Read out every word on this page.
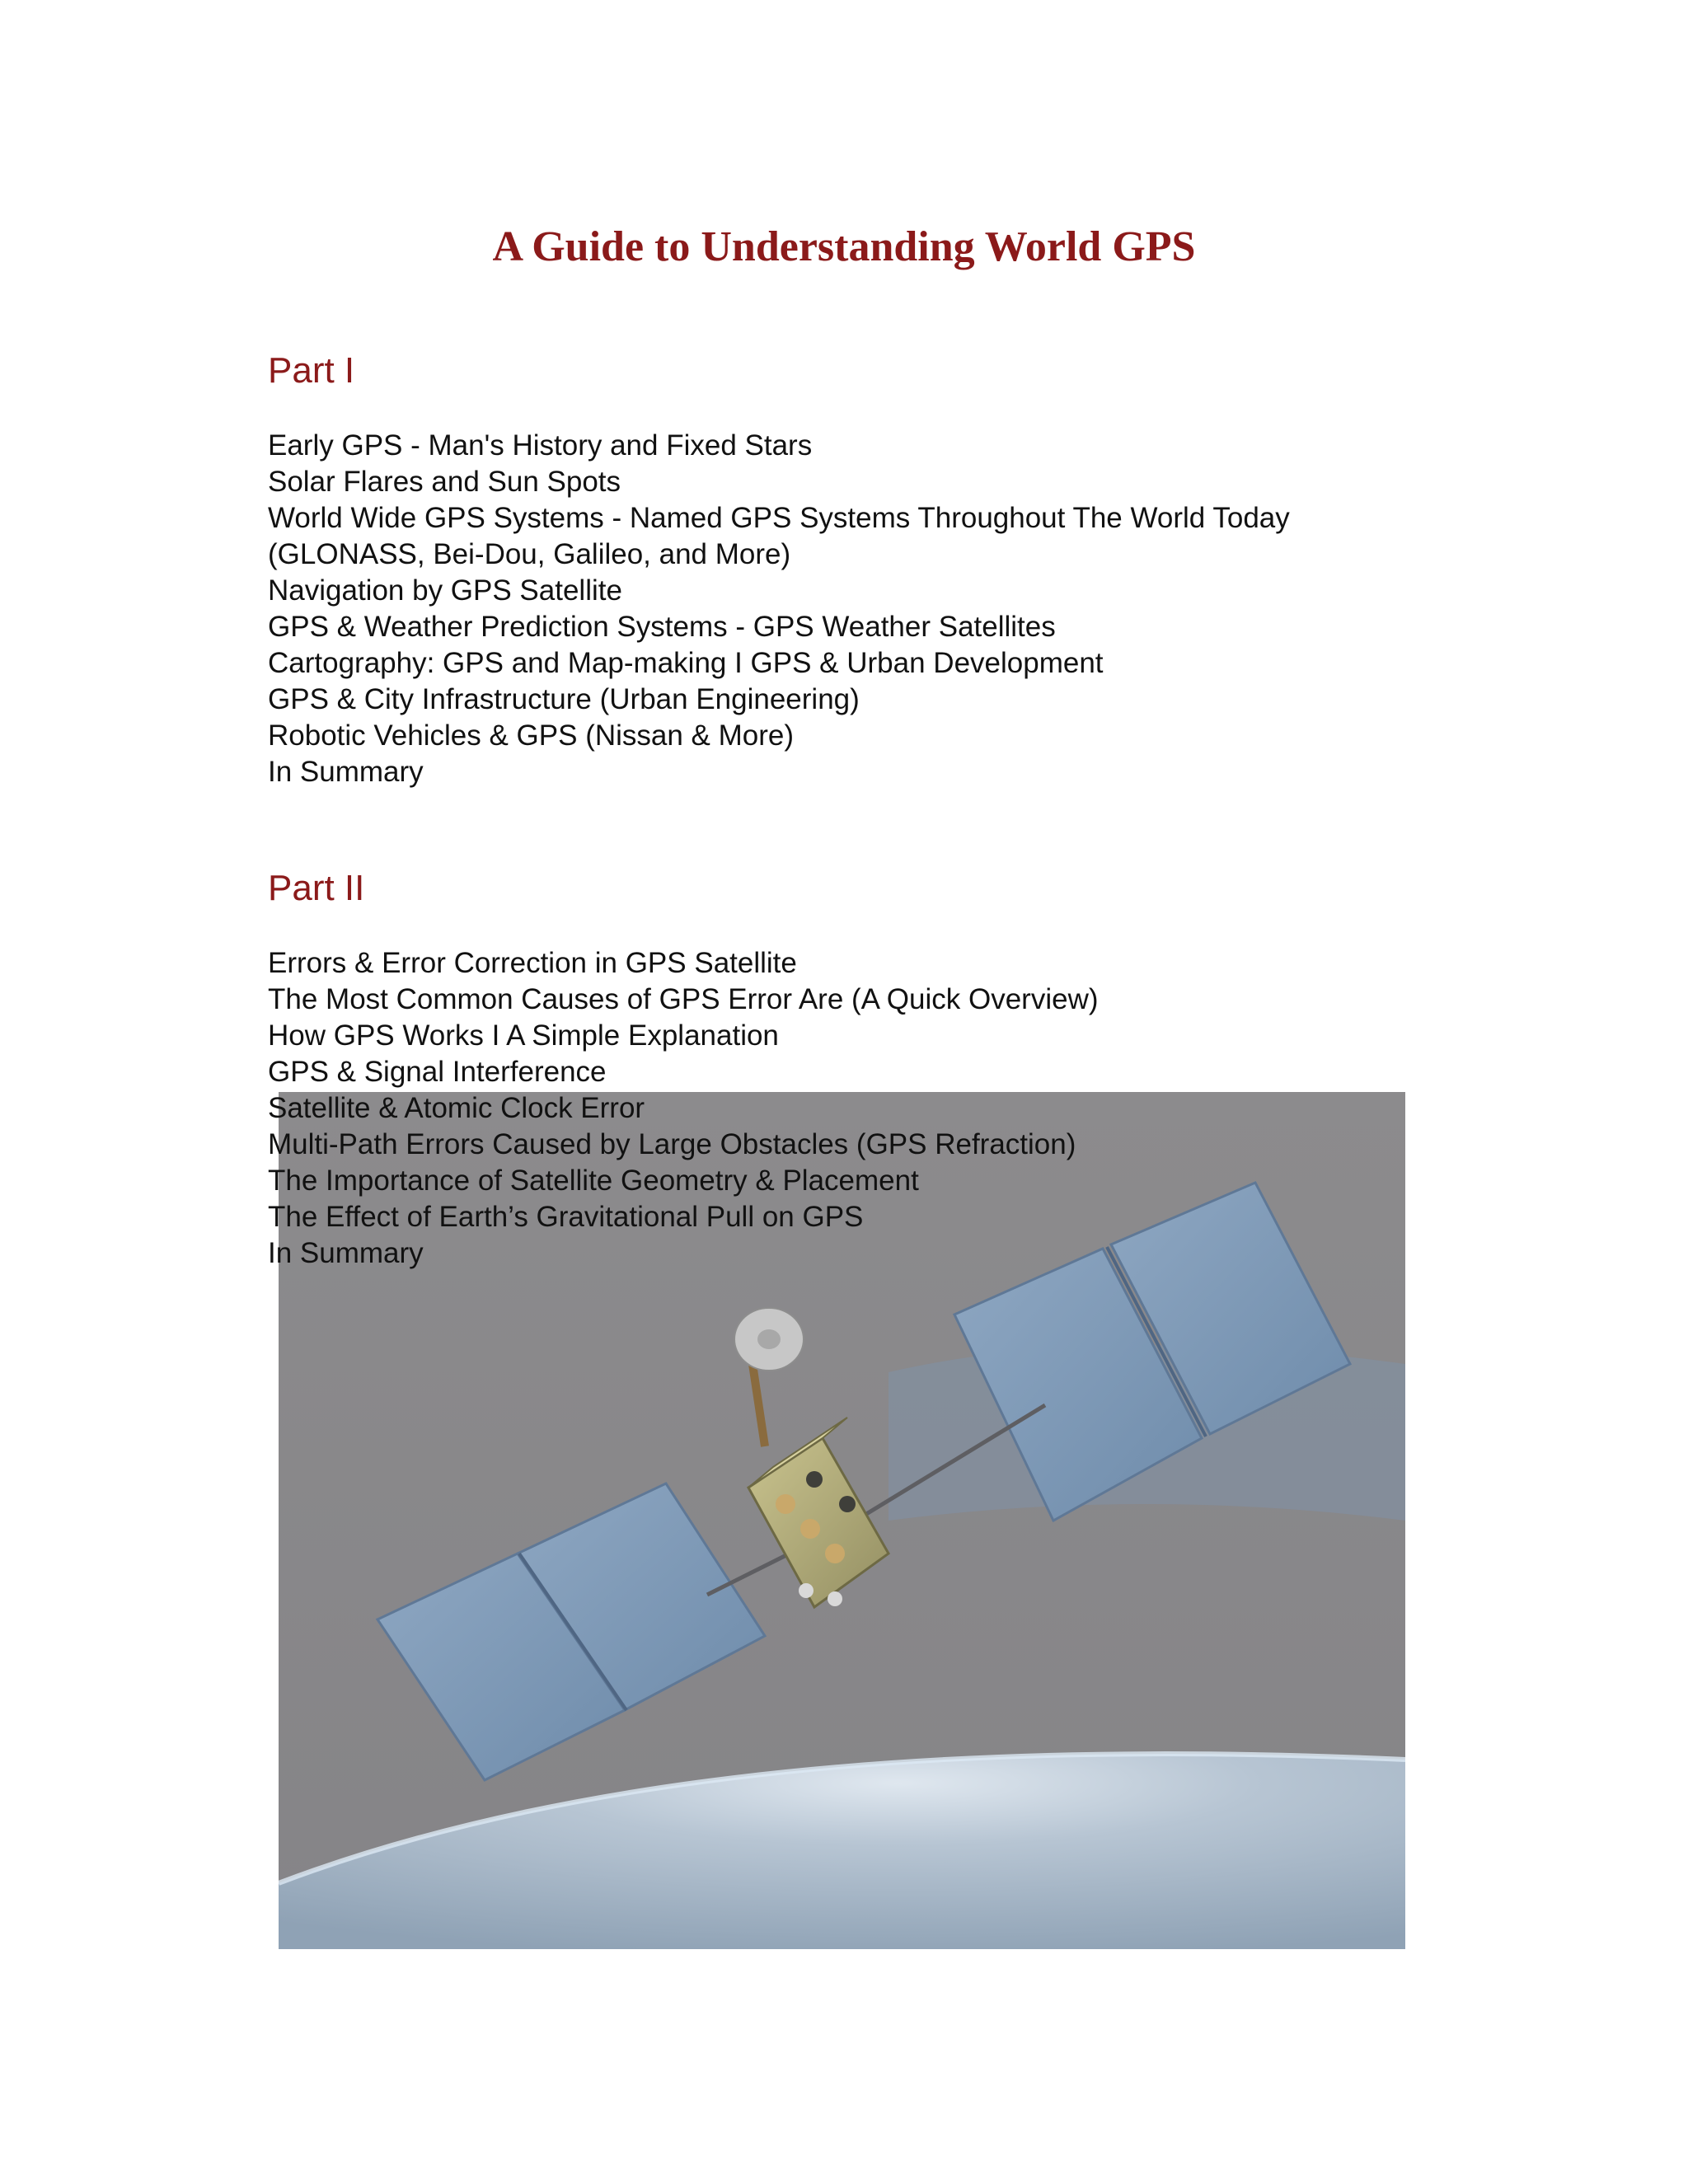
A Guide to Understanding World GPS
Part I
Early GPS - Man's History and Fixed Stars
Solar Flares and Sun Spots
World Wide GPS Systems - Named GPS Systems Throughout The World Today
(GLONASS, Bei-Dou, Galileo, and More)
Navigation by GPS Satellite
GPS & Weather Prediction Systems - GPS Weather Satellites
Cartography: GPS and Map-making I GPS & Urban Development
GPS & City Infrastructure (Urban Engineering)
Robotic Vehicles & GPS (Nissan & More)
In Summary
Part II
Errors & Error Correction in GPS Satellite
The Most Common Causes of GPS Error Are (A Quick Overview)
How GPS Works I A Simple Explanation
GPS & Signal Interference
Satellite & Atomic Clock Error
Multi-Path Errors Caused by Large Obstacles (GPS Refraction)
The Importance of Satellite Geometry & Placement
The Effect of Earth’s Gravitational Pull on GPS
In Summary
